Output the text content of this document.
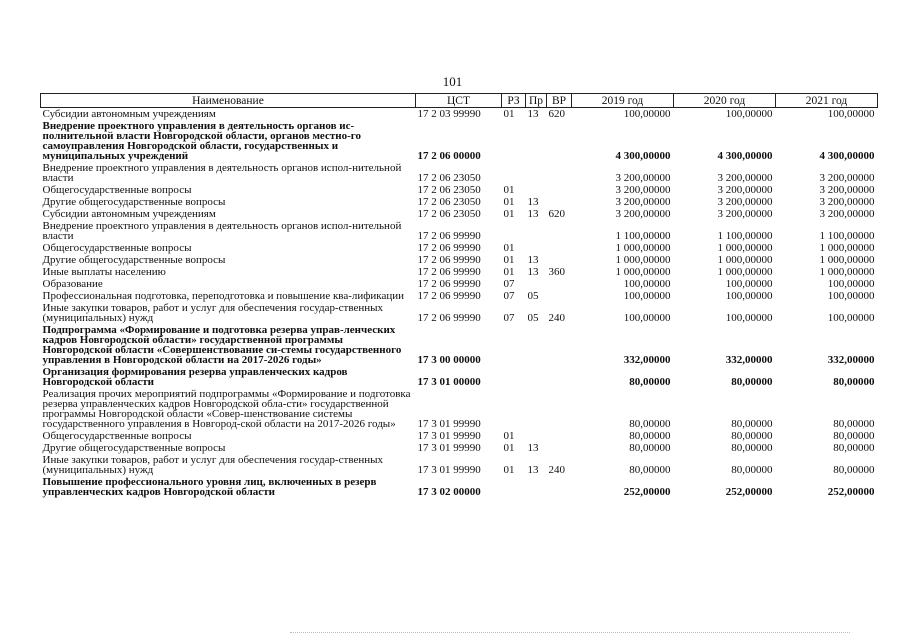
101
Наименование	ЦСТ	РЗ	Пр	ВР	2019 год	2020 год	2021 год
Субсидии автономным учреждениям	17 2 03 99990	01	13	620	100,00000	100,00000	100,00000
Внедрение проектного управления в деятельность органов ис-полнительной власти Новгородской области, органов местно-го самоуправления Новгородской области, государственных и муниципальных учреждений	17 2 06 00000				4 300,00000	4 300,00000	4 300,00000
Внедрение проектного управления в деятельность органов испол-нительной власти	17 2 06 23050				3 200,00000	3 200,00000	3 200,00000
Общегосударственные вопросы	17 2 06 23050	01			3 200,00000	3 200,00000	3 200,00000
Другие общегосударственные вопросы	17 2 06 23050	01	13		3 200,00000	3 200,00000	3 200,00000
Субсидии автономным учреждениям	17 2 06 23050	01	13	620	3 200,00000	3 200,00000	3 200,00000
Внедрение проектного управления в деятельность органов испол-нительной власти	17 2 06 99990				1 100,00000	1 100,00000	1 100,00000
Общегосударственные вопросы	17 2 06 99990	01			1 000,00000	1 000,00000	1 000,00000
Другие общегосударственные вопросы	17 2 06 99990	01	13		1 000,00000	1 000,00000	1 000,00000
Иные выплаты населению	17 2 06 99990	01	13	360	1 000,00000	1 000,00000	1 000,00000
Образование	17 2 06 99990	07			100,00000	100,00000	100,00000
Профессиональная подготовка, переподготовка и повышение ква-лификации	17 2 06 99990	07	05		100,00000	100,00000	100,00000
Иные закупки товаров, работ и услуг для обеспечения государ-ственных (муниципальных) нужд	17 2 06 99990	07	05	240	100,00000	100,00000	100,00000
Подпрограмма «Формирование и подготовка резерва управ-ленческих кадров Новгородской области» государственной программы Новгородской области «Совершенствование си-стемы государственного управления в Новгородской области на 2017-2026 годы»	17 3 00 00000				332,00000	332,00000	332,00000
Организация формирования резерва управленческих кадров Новгородской области	17 3 01 00000				80,00000	80,00000	80,00000
Реализация прочих мероприятий подпрограммы «Формирование и подготовка резерва управленческих кадров Новгородской обла-сти» государственной программы Новгородской области «Совер-шенствование системы государственного управления в Новгород-ской области на 2017-2026 годы»	17 3 01 99990				80,00000	80,00000	80,00000
Общегосударственные вопросы	17 3 01 99990	01			80,00000	80,00000	80,00000
Другие общегосударственные вопросы	17 3 01 99990	01	13		80,00000	80,00000	80,00000
Иные закупки товаров, работ и услуг для обеспечения государ-ственных (муниципальных) нужд	17 3 01 99990	01	13	240	80,00000	80,00000	80,00000
Повышение профессионального уровня лиц, включенных в резерв управленческих кадров Новгородской области	17 3 02 00000				252,00000	252,00000	252,00000
